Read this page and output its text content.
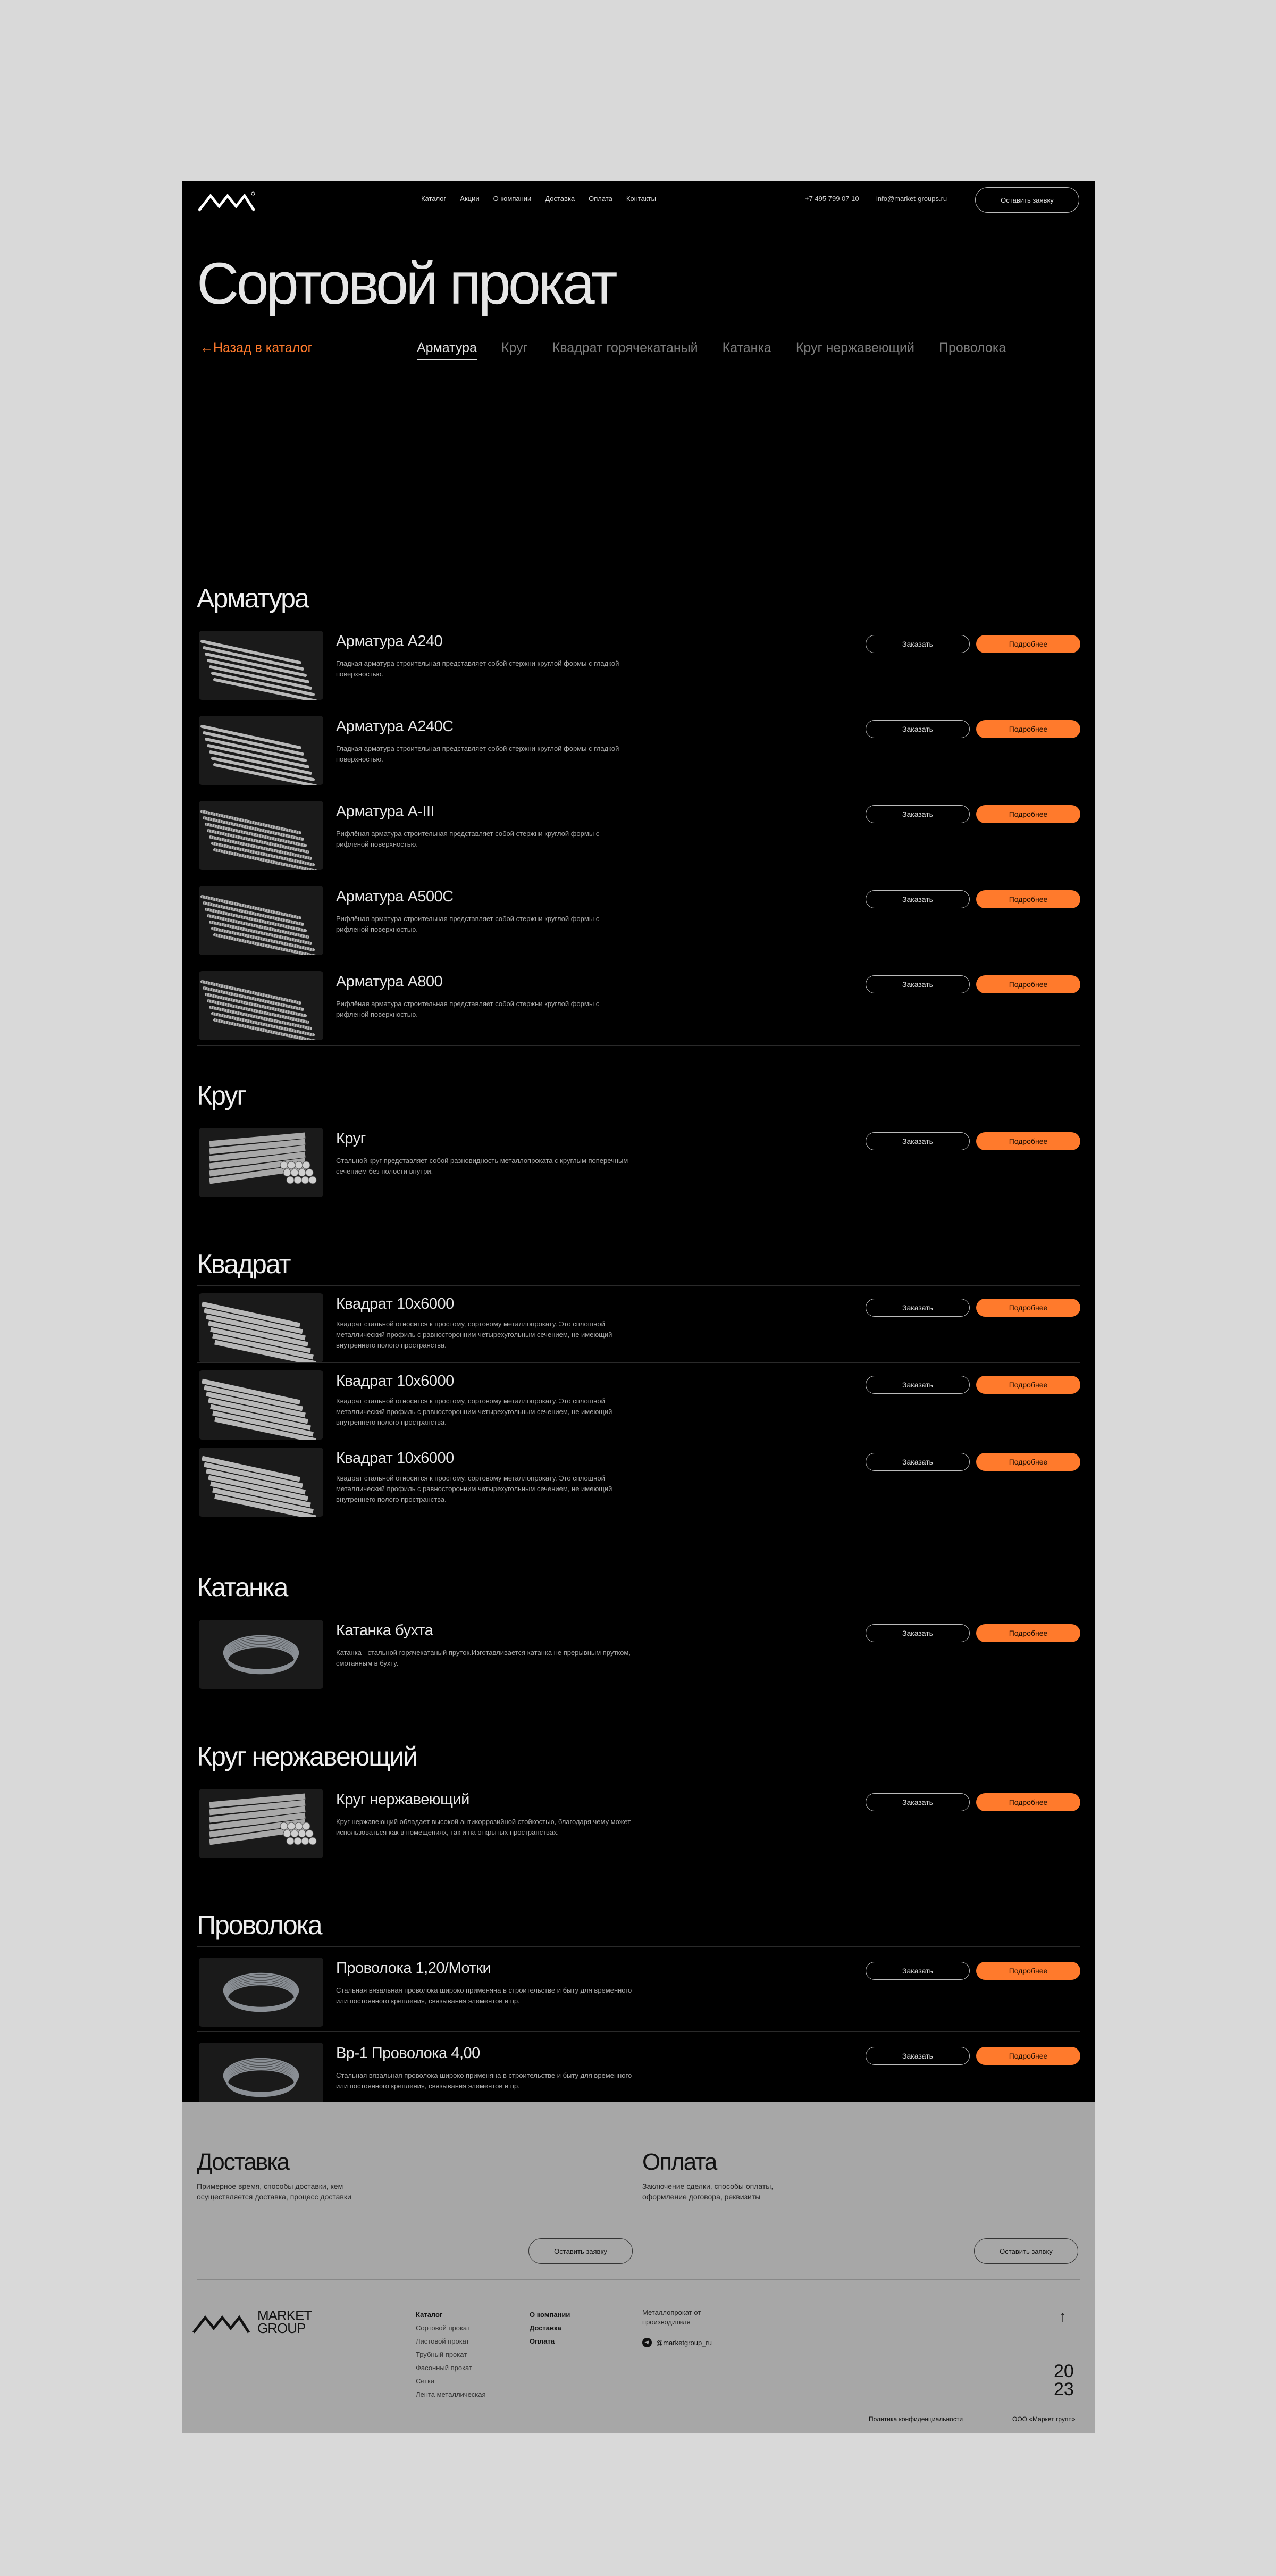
Каталог Акции О компании Доставка Оплата Контакты	+7 495 799 07 10 info@market-groups.ru	Оставить заявку
Сортовой прокат
←Назад в каталог	Арматура Круг Квадрат горячекатаный Катанка Круг нержавеющий Проволока
Арматура
Арматура А240
Гладкая арматура строительная представляет собой стержни круглой формы с гладкой поверхностью.
Заказать	Подробнее
Арматура А240С
Гладкая арматура строительная представляет собой стержни круглой формы с гладкой поверхностью.
Заказать	Подробнее
Арматура А-III
Рифлёная арматура строительная представляет собой стержни круглой формы с рифленой поверхностью.
Заказать	Подробнее
Арматура А500С
Рифлёная арматура строительная представляет собой стержни круглой формы с рифленой поверхностью.
Заказать	Подробнее
Арматура А800
Рифлёная арматура строительная представляет собой стержни круглой формы с рифленой поверхностью.
Заказать	Подробнее
Круг
Круг
Стальной круг представляет собой разновидность металлопроката с круглым поперечным сечением без полости внутри.
Заказать	Подробнее
Квадрат
Квадрат 10х6000
Квадрат стальной относится к простому, сортовому металлопрокату. Это сплошной металлический профиль с равносторонним четырехугольным сечением, не имеющий внутреннего полого пространства.
Заказать	Подробнее
Квадрат 10х6000
Квадрат стальной относится к простому, сортовому металлопрокату. Это сплошной металлический профиль с равносторонним четырехугольным сечением, не имеющий внутреннего полого пространства.
Заказать	Подробнее
Квадрат 10х6000
Квадрат стальной относится к простому, сортовому металлопрокату. Это сплошной металлический профиль с равносторонним четырехугольным сечением, не имеющий внутреннего полого пространства.
Заказать	Подробнее
Катанка
Катанка бухта
Катанка - стальной горячекатаный пруток.Изготавливается катанка не прерывным прутком, смотанным в бухту.
Заказать	Подробнее
Круг нержавеющий
Круг нержавеющий
Круг нержавеющий обладает высокой антикоррозийной стойкостью, благодаря чему может использоваться как в помещениях, так и на открытых пространствах.
Заказать	Подробнее
Проволока
Проволока 1,20/Мотки
Стальная вязальная проволока широко применяна в строительстве и быту для временного или постоянного крепления, связывания элементов и пр.
Заказать	Подробнее
Вр-1 Проволока 4,00
Стальная вязальная проволока широко применяна в строительстве и быту для временного или постоянного крепления, связывания элементов и пр.
Заказать	Подробнее
Доставка

Примерное время, способы доставки, кем осуществляется доставка, процесс доставки

Оставить заявку
Оплата

Заключение сделки, способы оплаты, оформление договора, реквизиты

Оставить заявку
MARKET
GROUP
Каталог
Сортовой прокат
Листовой прокат
Трубный прокат
Фасонный прокат
Сетка
Лента металлическая
О компании
Доставка
Оплата
Металлопрокат от производителя
@marketgroup_ru
↑
20
23
Политика конфиденциальности	ООО «Маркет групп»
